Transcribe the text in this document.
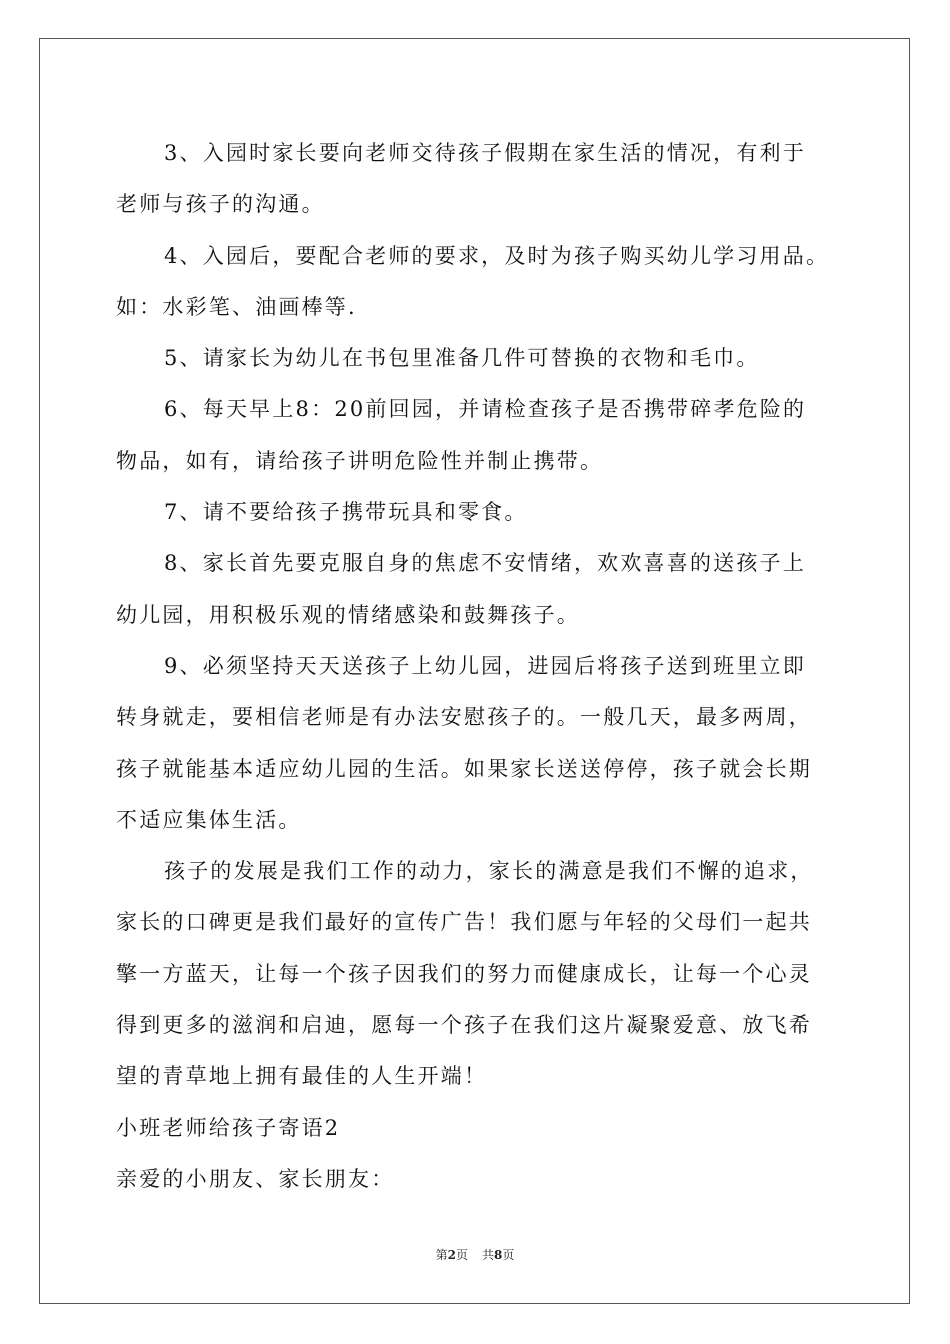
3、入园时家长要向老师交待孩子假期在家生活的情况，有利于
老师与孩子的沟通。
4、入园后，要配合老师的要求，及时为孩子购买幼儿学习用品。
如：水彩笔、油画棒等.
5、请家长为幼儿在书包里准备几件可替换的衣物和毛巾。
6、每天早上8：20前回园，并请检查孩子是否携带碎孝危险的
物品，如有，请给孩子讲明危险性并制止携带。
7、请不要给孩子携带玩具和零食。
8、家长首先要克服自身的焦虑不安情绪，欢欢喜喜的送孩子上
幼儿园，用积极乐观的情绪感染和鼓舞孩子。
9、必须坚持天天送孩子上幼儿园，进园后将孩子送到班里立即
转身就走，要相信老师是有办法安慰孩子的。一般几天，最多两周，
孩子就能基本适应幼儿园的生活。如果家长送送停停，孩子就会长期
不适应集体生活。
孩子的发展是我们工作的动力，家长的满意是我们不懈的追求，
家长的口碑更是我们最好的宣传广告！我们愿与年轻的父母们一起共
擎一方蓝天，让每一个孩子因我们的努力而健康成长，让每一个心灵
得到更多的滋润和启迪，愿每一个孩子在我们这片凝聚爱意、放飞希
望的青草地上拥有最佳的人生开端！
小班老师给孩子寄语2
亲爱的小朋友、家长朋友：
第2页 共8页
